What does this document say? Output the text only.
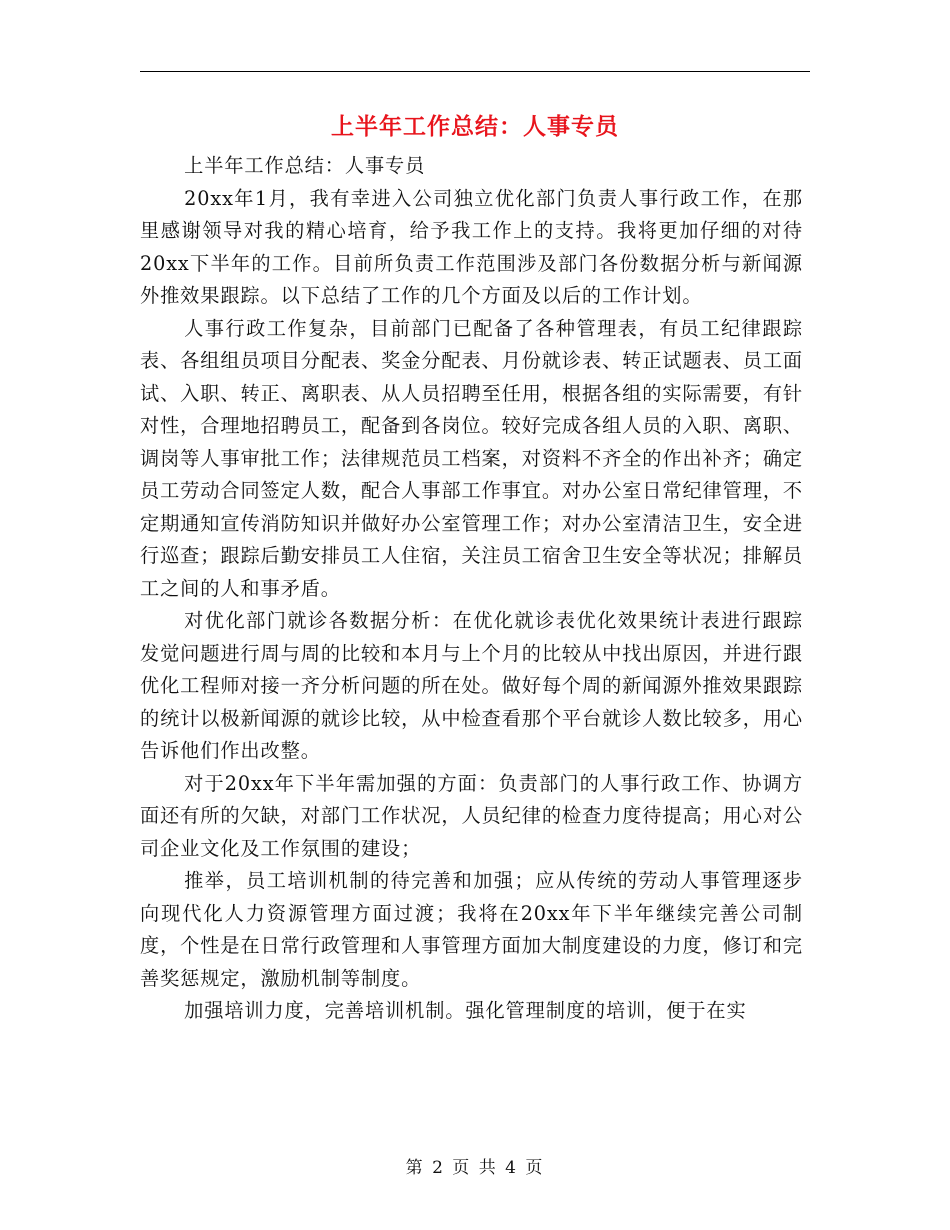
上半年工作总结：人事专员

上半年工作总结：人事专员

20xx年1月，我有幸进入公司独立优化部门负责人事行政工作，在那里感谢领导对我的精心培育，给予我工作上的支持。我将更加仔细的对待20xx下半年的工作。目前所负责工作范围涉及部门各份数据分析与新闻源外推效果跟踪。以下总结了工作的几个方面及以后的工作计划。

人事行政工作复杂，目前部门已配备了各种管理表，有员工纪律跟踪表、各组组员项目分配表、奖金分配表、月份就诊表、转正试题表、员工面试、入职、转正、离职表、从人员招聘至任用，根据各组的实际需要，有针对性，合理地招聘员工，配备到各岗位。较好完成各组人员的入职、离职、调岗等人事审批工作；法律规范员工档案，对资料不齐全的作出补齐；确定员工劳动合同签定人数，配合人事部工作事宜。对办公室日常纪律管理，不定期通知宣传消防知识并做好办公室管理工作；对办公室清洁卫生，安全进行巡查；跟踪后勤安排员工人住宿，关注员工宿舍卫生安全等状况；排解员工之间的人和事矛盾。

对优化部门就诊各数据分析：在优化就诊表优化效果统计表进行跟踪发觉问题进行周与周的比较和本月与上个月的比较从中找出原因，并进行跟优化工程师对接一齐分析问题的所在处。做好每个周的新闻源外推效果跟踪的统计以极新闻源的就诊比较，从中检查看那个平台就诊人数比较多，用心告诉他们作出改整。

对于20xx年下半年需加强的方面：负责部门的人事行政工作、协调方面还有所的欠缺，对部门工作状况，人员纪律的检查力度待提高；用心对公司企业文化及工作氛围的建设；

推举，员工培训机制的待完善和加强；应从传统的劳动人事管理逐步向现代化人力资源管理方面过渡；我将在20xx年下半年继续完善公司制度，个性是在日常行政管理和人事管理方面加大制度建设的力度，修订和完善奖惩规定，激励机制等制度。

加强培训力度，完善培训机制。强化管理制度的培训，便于在实

第 2 页 共 4 页
